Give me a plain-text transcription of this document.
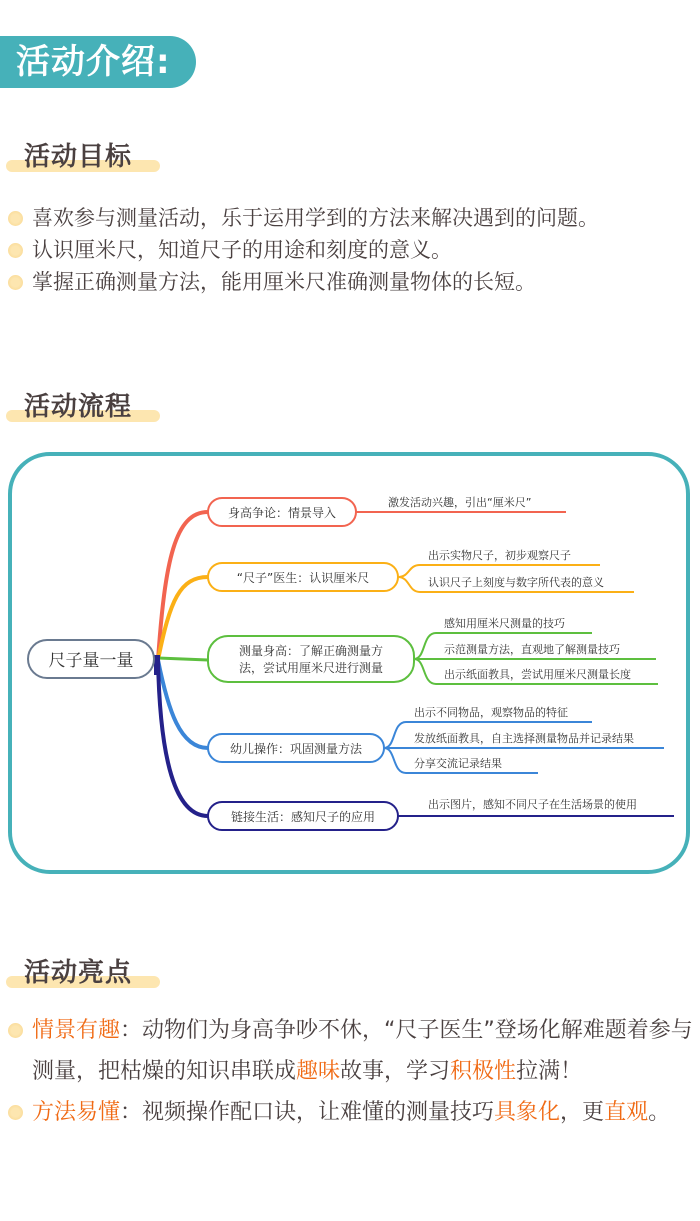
活动介绍:
活动目标
喜欢参与测量活动，乐于运用学到的方法来解决遇到的问题。
认识厘米尺，知道尺子的用途和刻度的意义。
掌握正确测量方法，能用厘米尺准确测量物体的长短。
活动流程
尺子量一量
身高争论：情景导入
激发活动兴趣，引出“厘米尺”
“尺子”医生：认识厘米尺
出示实物尺子，初步观察尺子
认识尺子上刻度与数字所代表的意义
测量身高：了解正确测量方
法，尝试用厘米尺进行测量
感知用厘米尺测量的技巧
示范测量方法，直观地了解测量技巧
出示纸面教具，尝试用厘米尺测量长度
幼儿操作：巩固测量方法
出示不同物品，观察物品的特征
发放纸面教具，自主选择测量物品并记录结果
分享交流记录结果
链接生活：感知尺子的应用
出示图片，感知不同尺子在生活场景的使用
活动亮点
情景有趣：动物们为身高争吵不休，“尺子医生”登场化解难题着参与测量，把枯燥的知识串联成趣味故事，学习积极性拉满！
方法易懂：视频操作配口诀，让难懂的测量技巧具象化，更直观。
